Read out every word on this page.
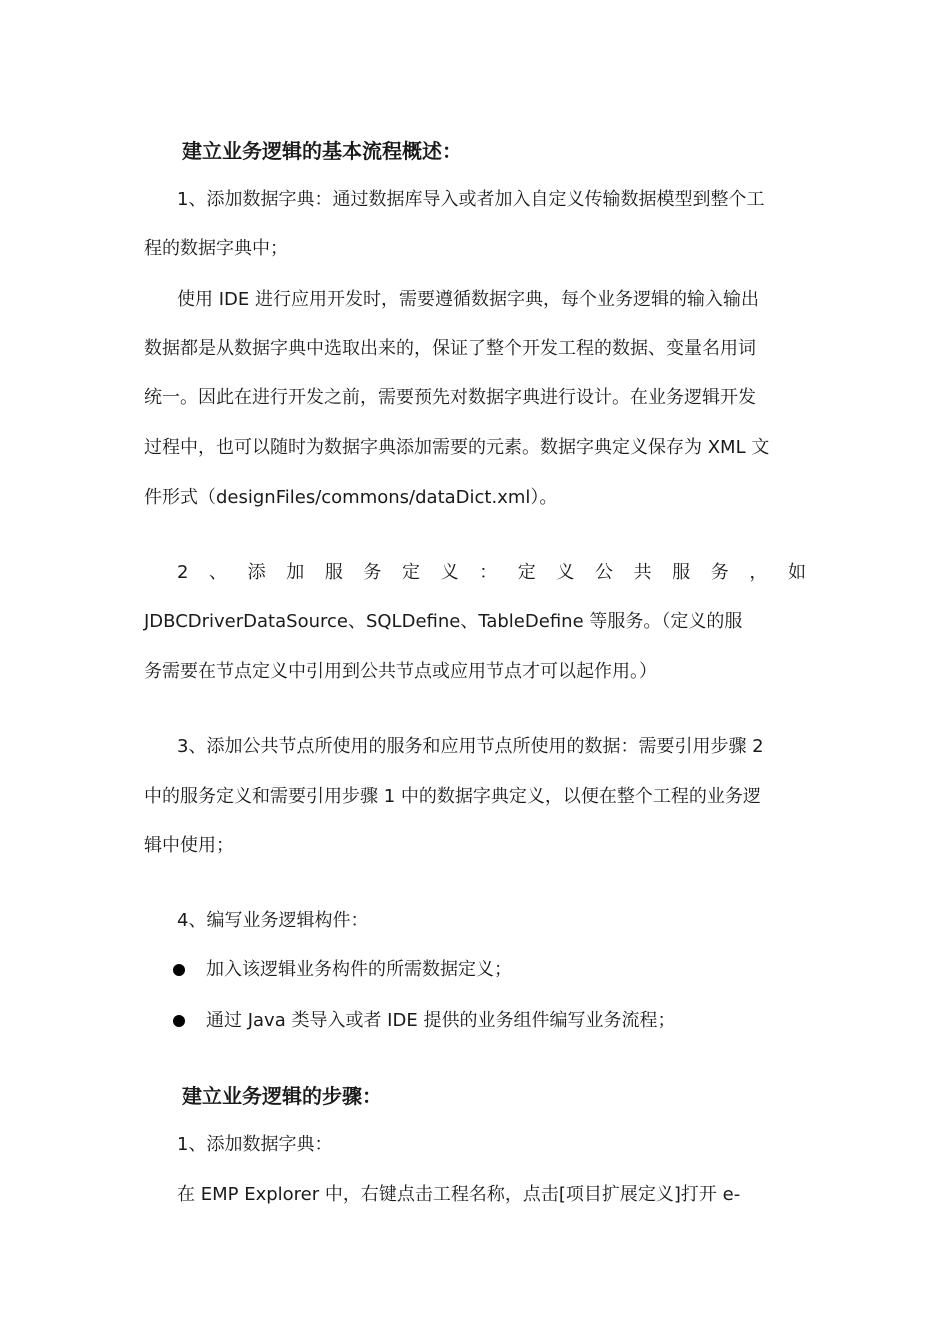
建立业务逻辑的基本流程概述：
1、添加数据字典：通过数据库导入或者加入自定义传输数据模型到整个工
程的数据字典中；
使用 IDE 进行应用开发时，需要遵循数据字典，每个业务逻辑的输入输出
数据都是从数据字典中选取出来的，保证了整个开发工程的数据、变量名用词
统一。因此在进行开发之前，需要预先对数据字典进行设计。在业务逻辑开发
过程中，也可以随时为数据字典添加需要的元素。数据字典定义保存为 XML 文
件形式（designFiles/commons/dataDict.xml）。
2 、 添 加 服 务 定 义 ： 定 义 公 共 服 务 ， 如
JDBCDriverDataSource、SQLDefine、TableDefine 等服务。（定义的服
务需要在节点定义中引用到公共节点或应用节点才可以起作用。）
3、添加公共节点所使用的服务和应用节点所使用的数据：需要引用步骤 2
中的服务定义和需要引用步骤 1 中的数据字典定义，以便在整个工程的业务逻
辑中使用；
4、编写业务逻辑构件：
加入该逻辑业务构件的所需数据定义；
通过 Java 类导入或者 IDE 提供的业务组件编写业务流程；
建立业务逻辑的步骤：
1、添加数据字典：
在 EMP Explorer 中，右键点击工程名称，点击[项目扩展定义]打开 e-
